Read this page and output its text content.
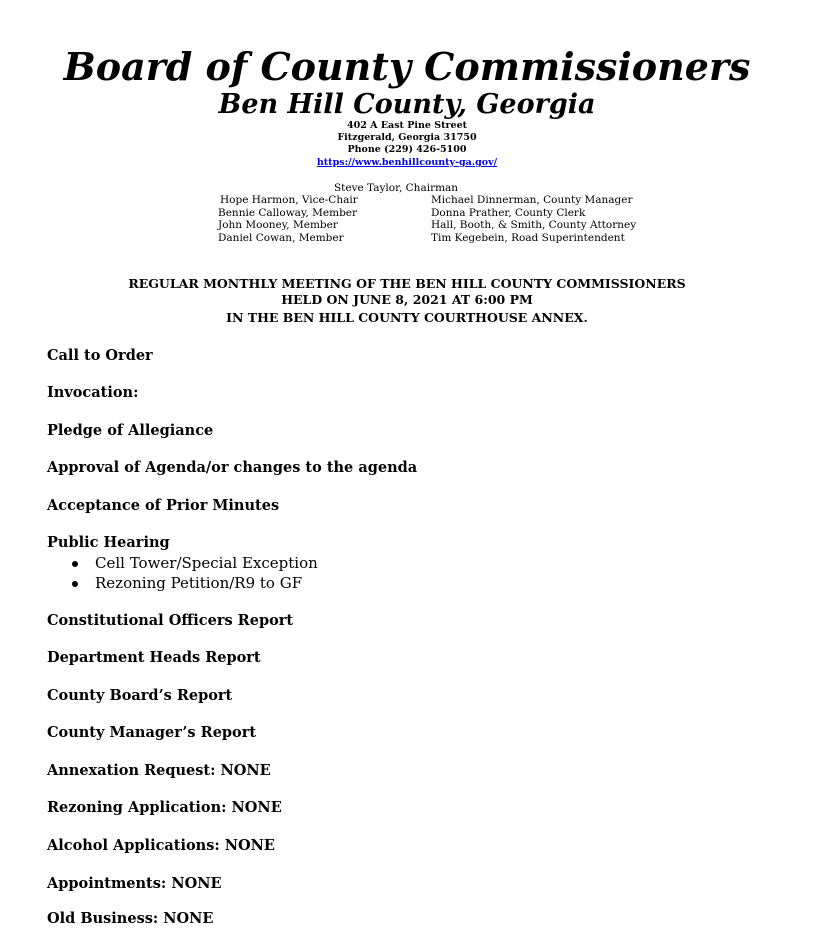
Board of County Commissioners
Ben Hill County, Georgia
402 A East Pine Street
Fitzgerald, Georgia 31750
Phone (229) 426-5100
https://www.benhillcounty-ga.gov/
Steve Taylor, Chairman
Hope Harmon, Vice-Chair
Bennie Calloway, Member
John Mooney, Member
Daniel Cowan, Member
Michael Dinnerman, County Manager
Donna Prather, County Clerk
Hall, Booth, & Smith, County Attorney
Tim Kegebein, Road Superintendent
REGULAR MONTHLY MEETING OF THE BEN HILL COUNTY COMMISSIONERS
HELD ON JUNE 8, 2021 AT 6:00 PM
IN THE BEN HILL COUNTY COURTHOUSE ANNEX.
Call to Order
Invocation:
Pledge of Allegiance
Approval of Agenda/or changes to the agenda
Acceptance of Prior Minutes
Public Hearing
Cell Tower/Special Exception
Rezoning Petition/R9 to GF
Constitutional Officers Report
Department Heads Report
County Board’s Report
County Manager’s Report
Annexation Request: NONE
Rezoning Application: NONE
Alcohol Applications: NONE
Appointments: NONE
Old Business: NONE
